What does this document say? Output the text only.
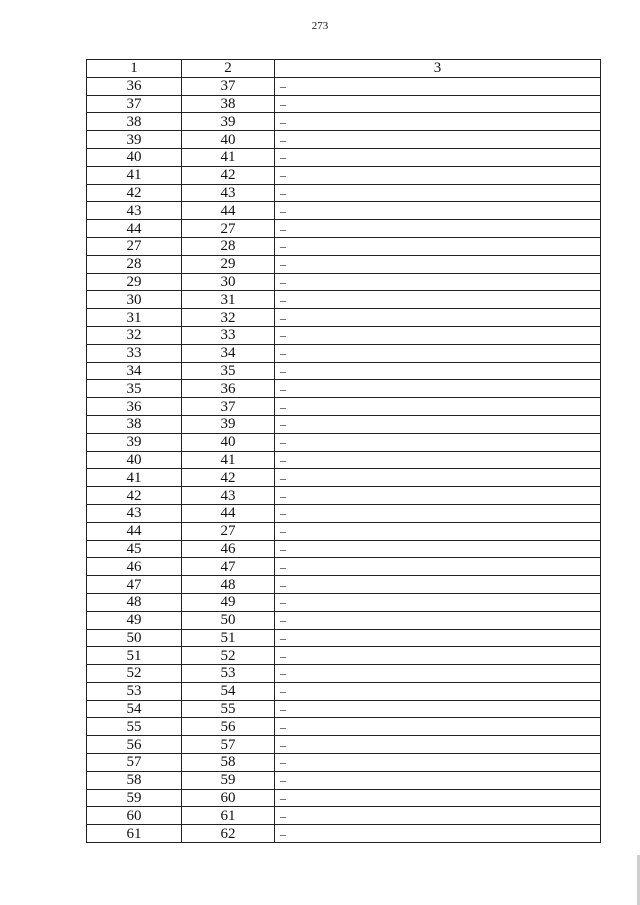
273
1	2	3
36	37	–
37	38	–
38	39	–
39	40	–
40	41	–
41	42	–
42	43	–
43	44	–
44	27	–
27	28	–
28	29	–
29	30	–
30	31	–
31	32	–
32	33	–
33	34	–
34	35	–
35	36	–
36	37	–
38	39	–
39	40	–
40	41	–
41	42	–
42	43	–
43	44	–
44	27	–
45	46	–
46	47	–
47	48	–
48	49	–
49	50	–
50	51	–
51	52	–
52	53	–
53	54	–
54	55	–
55	56	–
56	57	–
57	58	–
58	59	–
59	60	–
60	61	–
61	62	–
